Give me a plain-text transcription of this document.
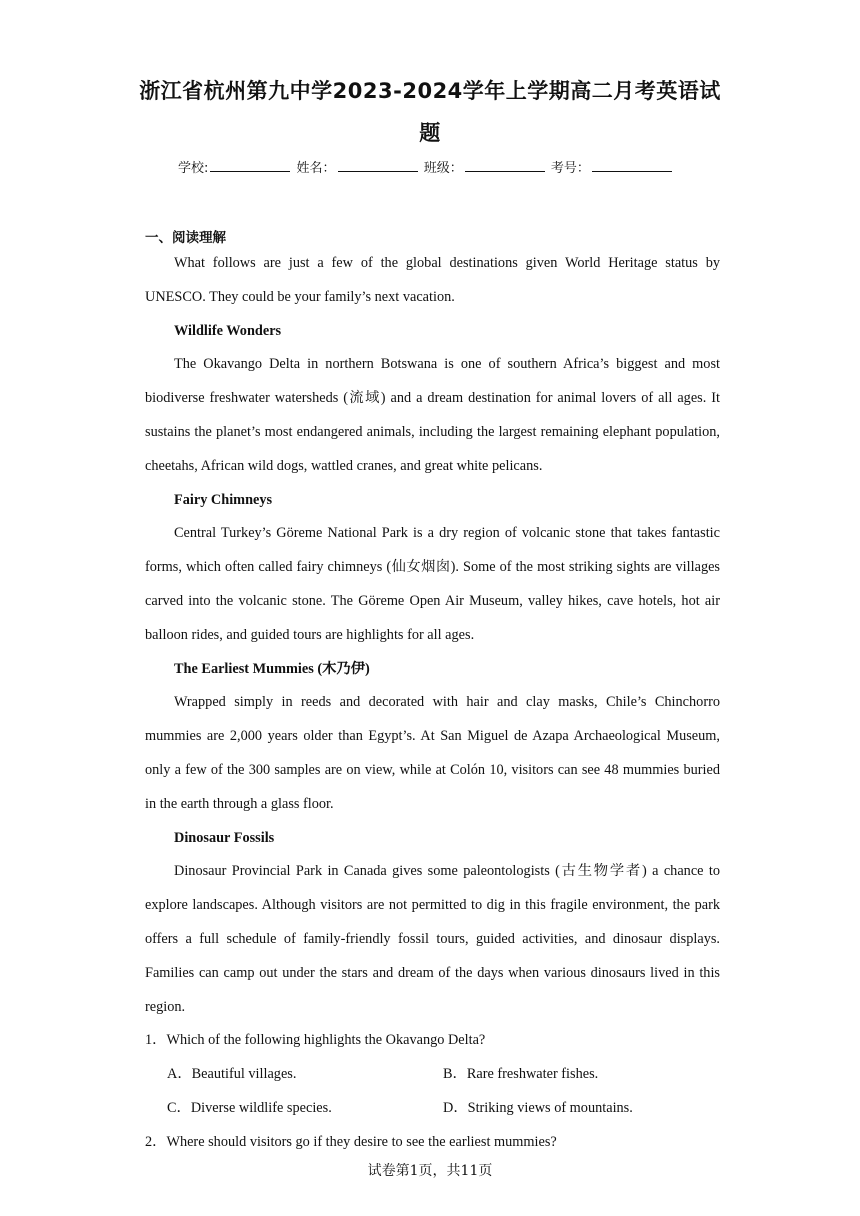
浙江省杭州第九中学2023-2024学年上学期高二月考英语试
题
学校:	姓名：	班级：	考号：
一、阅读理解

What follows are just a few of the global destinations given World Heritage status by UNESCO. They could be your family’s next vacation.

Wildlife Wonders

The Okavango Delta in northern Botswana is one of southern Africa’s biggest and most biodiverse freshwater watersheds (流域) and a dream destination for animal lovers of all ages. It sustains the planet’s most endangered animals, including the largest remaining elephant population, cheetahs, African wild dogs, wattled cranes, and great white pelicans.

Fairy Chimneys

Central Turkey’s Göreme National Park is a dry region of volcanic stone that takes fantastic forms, which often called fairy chimneys (仙女烟囱). Some of the most striking sights are villages carved into the volcanic stone. The Göreme Open Air Museum, valley hikes, cave hotels, hot air balloon rides, and guided tours are highlights for all ages.

The Earliest Mummies (木乃伊)

Wrapped simply in reeds and decorated with hair and clay masks, Chile’s Chinchorro mummies are 2,000 years older than Egypt’s. At San Miguel de Azapa Archaeological Museum, only a few of the 300 samples are on view, while at Colón 10, visitors can see 48 mummies buried in the earth through a glass floor.

Dinosaur Fossils

Dinosaur Provincial Park in Canada gives some paleontologists (古生物学者) a chance to explore landscapes. Although visitors are not permitted to dig in this fragile environment, the park offers a full schedule of family-friendly fossil tours, guided activities, and dinosaur displays. Families can camp out under the stars and dream of the days when various dinosaurs lived in this region.

1．Which of the following highlights the Okavango Delta?
A．Beautiful villages.	B．Rare freshwater fishes.
C．Diverse wildlife species.	D．Striking views of mountains.
2．Where should visitors go if they desire to see the earliest mummies?
试卷第1页，共11页
